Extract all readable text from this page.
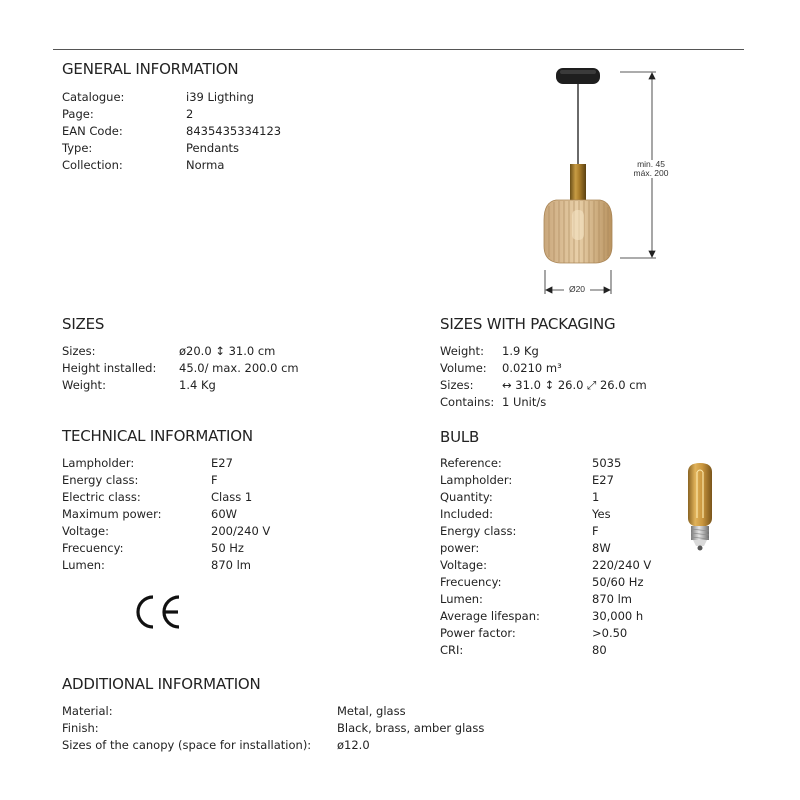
GENERAL INFORMATION
Catalogue:	i39 Ligthing
Page:	2
EAN Code:	8435435334123
Type:	Pendants
Collection:	Norma	min. 45
máx. 200
Ø20
SIZES
Sizes:	ø20.0 ↕ 31.0 cm
Height installed: 45.0/ max. 200.0 cm
Weight:	1.4 Kg
SIZES WITH PACKAGING
Weight: 1.9 Kg
Volume: 0.0210 m³
Sizes: ↔ 31.0 ↕ 26.0 ⤢ 26.0 cm
Contains: 1 Unit/s
TECHNICAL INFORMATION
Lampholder:	E27
Energy class:	F
Electric class:	Class 1
Maximum power:	60W
Voltage:	200/240 V
Frecuency:	50 Hz
Lumen:	870 lm
BULB
Reference:	5035
Lampholder:	E27
Quantity:	1
Included:	Yes
Energy class:	F
power:	8W
Voltage:	220/240 V
Frecuency:	50/60 Hz
Lumen:	870 lm
Average lifespan:	30,000 h
Power factor:	>0.50
CRI:	80
ADDITIONAL INFORMATION
Material:	Metal, glass
Finish:	Black, brass, amber glass
Sizes of the canopy (space for installation): ø12.0
